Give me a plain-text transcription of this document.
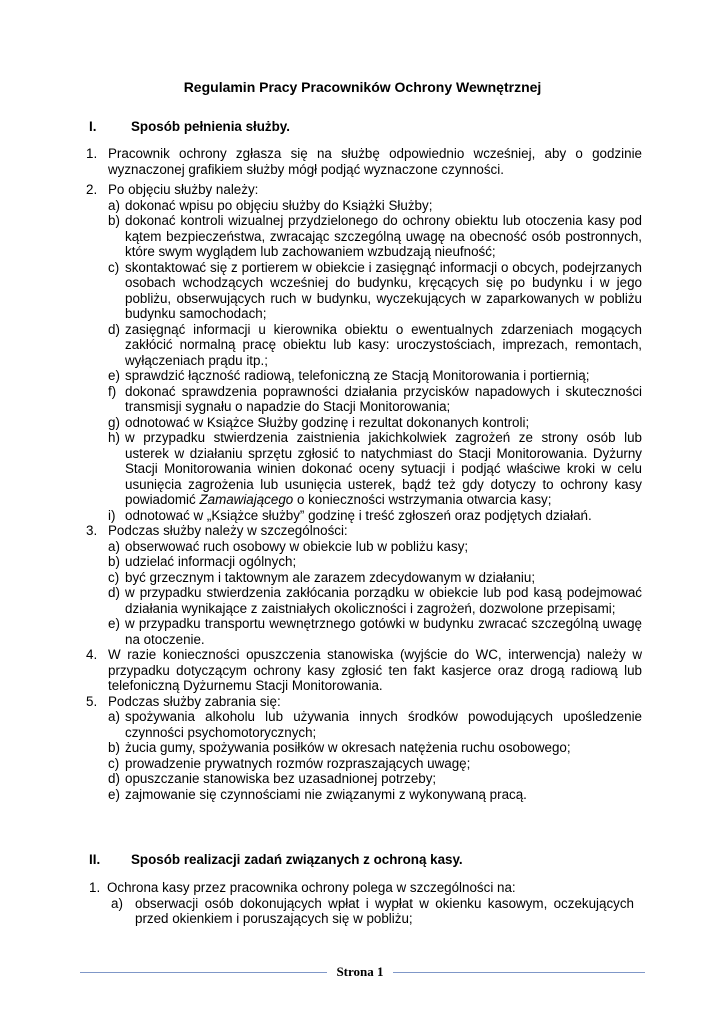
Regulamin Pracy Pracowników Ochrony Wewnętrznej
I.	Sposób pełnienia służby.
1. Pracownik ochrony zgłasza się na służbę odpowiednio wcześniej, aby o godzinie wyznaczonej grafikiem służby mógł podjąć wyznaczone czynności.
2. Po objęciu służby należy:
a) dokonać wpisu po objęciu służby do Książki Służby;
b) dokonać kontroli wizualnej przydzielonego do ochrony obiektu lub otoczenia kasy pod kątem bezpieczeństwa, zwracając szczególną uwagę na obecność osób postronnych, które swym wyglądem lub zachowaniem wzbudzają nieufność;
c) skontaktować się z portierem w obiekcie i zasięgnąć informacji o obcych, podejrzanych osobach wchodzących wcześniej do budynku, kręcących się po budynku i w jego pobliżu, obserwujących ruch w budynku, wyczekujących w zaparkowanych w pobliżu budynku samochodach;
d) zasięgnąć informacji u kierownika obiektu o ewentualnych zdarzeniach mogących zakłócić normalną pracę obiektu lub kasy: uroczystościach, imprezach, remontach, wyłączeniach prądu itp.;
e) sprawdzić łączność radiową, telefoniczną ze Stacją Monitorowania i portiernią;
f) dokonać sprawdzenia poprawności działania przycisków napadowych i skuteczności transmisji sygnału o napadzie do Stacji Monitorowania;
g) odnotować w Książce Służby godzinę i rezultat dokonanych kontroli;
h) w przypadku stwierdzenia zaistnienia jakichkolwiek zagrożeń ze strony osób lub usterek w działaniu sprzętu zgłosić to natychmiast do Stacji Monitorowania. Dyżurny Stacji Monitorowania winien dokonać oceny sytuacji i podjąć właściwe kroki w celu usunięcia zagrożenia lub usunięcia usterek, bądź też gdy dotyczy to ochrony kasy powiadomić Zamawiającego o konieczności wstrzymania otwarcia kasy;
i) odnotować w „Książce służby” godzinę i treść zgłoszeń oraz podjętych działań.
3. Podczas służby należy w szczególności:
a) obserwować ruch osobowy w obiekcie lub w pobliżu kasy;
b) udzielać informacji ogólnych;
c) być grzecznym i taktownym ale zarazem zdecydowanym w działaniu;
d) w przypadku stwierdzenia zakłócania porządku w obiekcie lub pod kasą podejmować działania wynikające z zaistniałych okoliczności i zagrożeń, dozwolone przepisami;
e) w przypadku transportu wewnętrznego gotówki w budynku zwracać szczególną uwagę na otoczenie.
4. W razie konieczności opuszczenia stanowiska (wyjście do WC, interwencja) należy w przypadku dotyczącym ochrony kasy zgłosić ten fakt kasjerce oraz drogą radiową lub telefoniczną Dyżurnemu Stacji Monitorowania.
5. Podczas służby zabrania się:
a) spożywania alkoholu lub używania innych środków powodujących upośledzenie czynności psychomotorycznych;
b) żucia gumy, spożywania posiłków w okresach natężenia ruchu osobowego;
c) prowadzenie prywatnych rozmów rozpraszających uwagę;
d) opuszczanie stanowiska bez uzasadnionej potrzeby;
e) zajmowanie się czynnościami nie związanymi z wykonywaną pracą.
II. Sposób realizacji zadań związanych z ochroną kasy.
1. Ochrona kasy przez pracownika ochrony polega w szczególności na:
a) obserwacji osób dokonujących wpłat i wypłat w okienku kasowym, oczekujących przed okienkiem i poruszających się w pobliżu;
Strona 1
